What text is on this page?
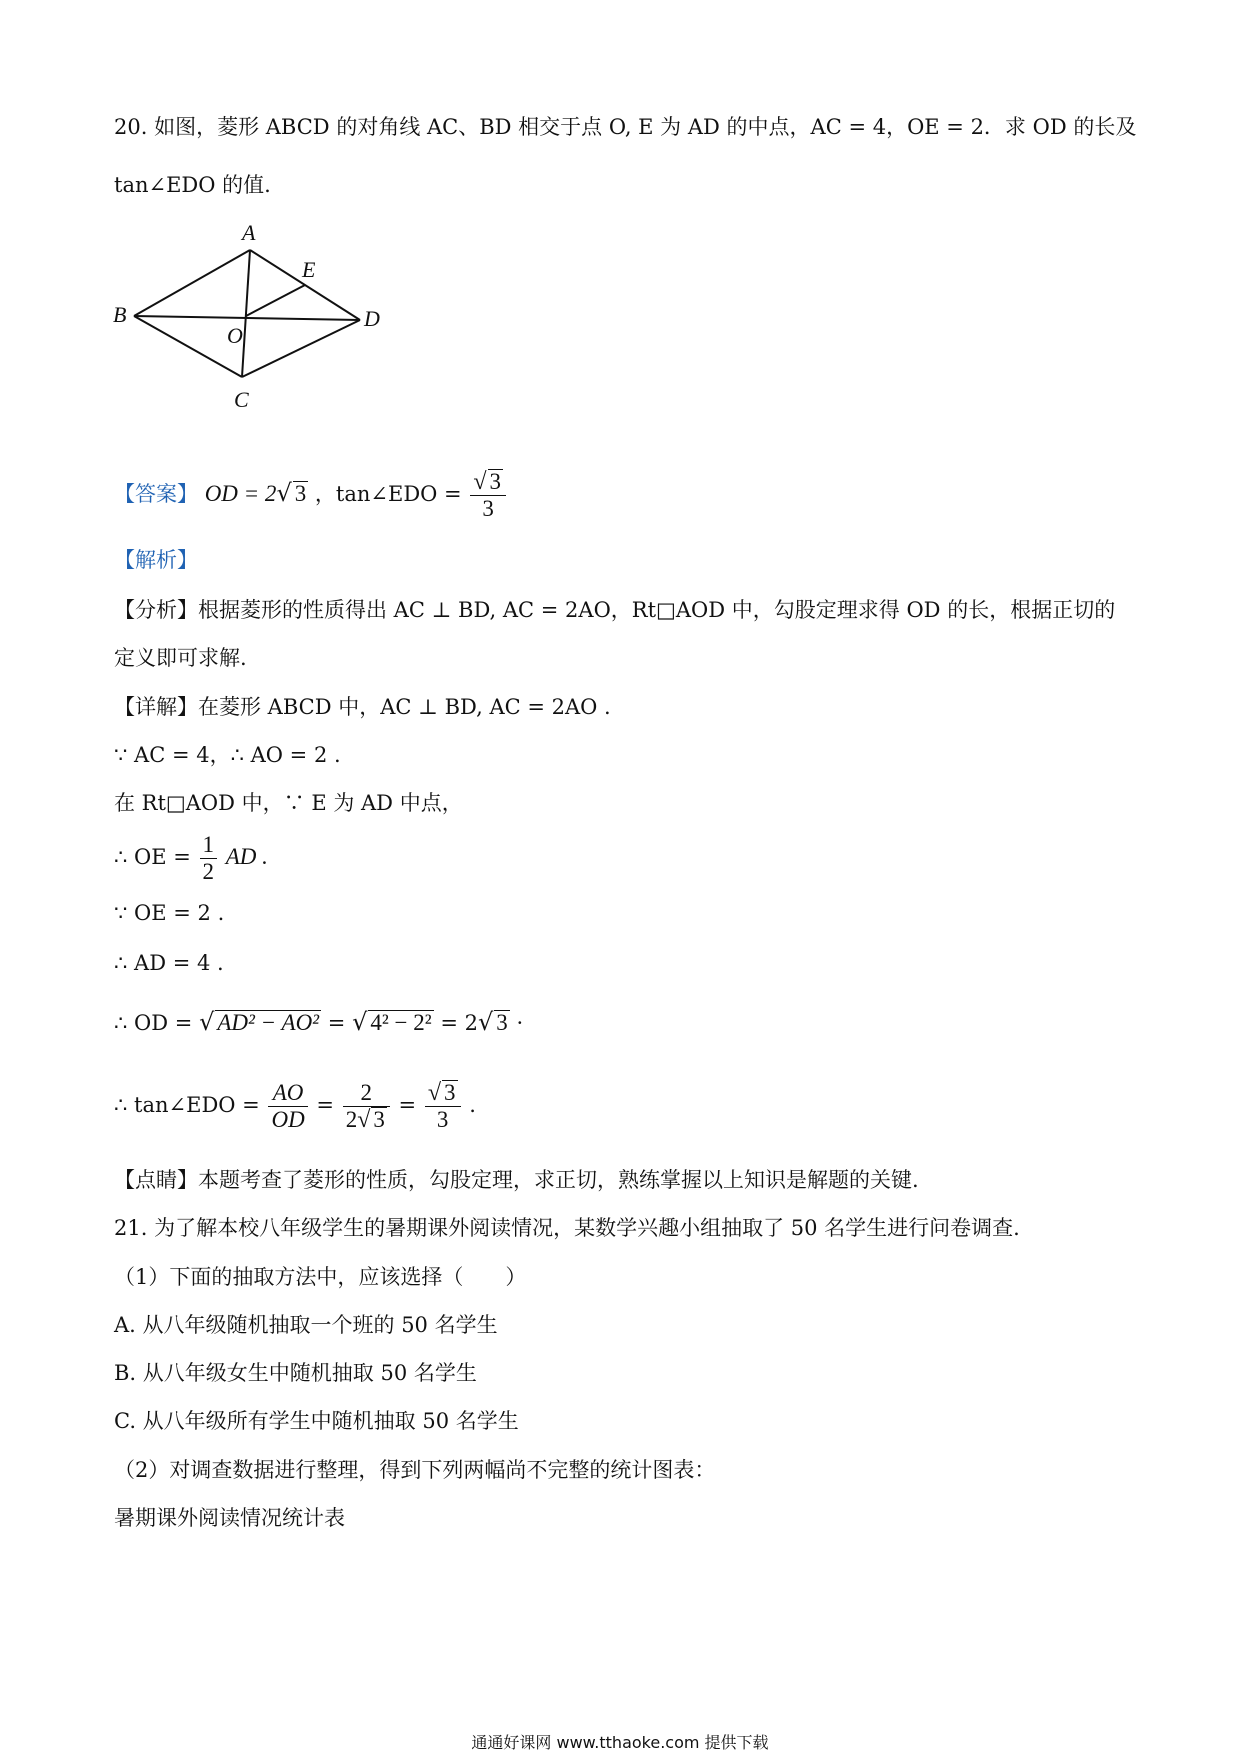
20. 如图，菱形 ABCD 的对角线 AC、BD 相交于点 O, E 为 AD 的中点，AC = 4，OE = 2．求 OD 的长及
tan∠EDO 的值.
A
E
B	D
O
C
【答案】 OD = 2√ 3 ，tan∠EDO = $\frac{√ 3}{3}$
【解析】
【分析】根据菱形的性质得出 AC ⊥ BD, AC = 2AO，Rt□AOD 中，勾股定理求得 OD 的长，根据正切的
定义即可求解.
【详解】在菱形 ABCD 中，AC ⊥ BD, AC = 2AO .
∵ AC = 4，∴ AO = 2 .
在 Rt□AOD 中，∵ E 为 AD 中点，
∴ OE = $\frac{1}{2}$ AD .
∵ OE = 2 .
∴ AD = 4 .
∴ OD = √ AD² − AO² = √ 4² − 2² = 2√ 3 ·
∴ tan∠EDO = $\frac{AO}{OD} = \frac{2}{2√ 3} = \frac{√ 3}{3}$ .
【点睛】本题考查了菱形的性质，勾股定理，求正切，熟练掌握以上知识是解题的关键.
21. 为了解本校八年级学生的暑期课外阅读情况，某数学兴趣小组抽取了 50 名学生进行问卷调查.
（1）下面的抽取方法中，应该选择（　　）
A. 从八年级随机抽取一个班的 50 名学生
B. 从八年级女生中随机抽取 50 名学生
C. 从八年级所有学生中随机抽取 50 名学生
（2）对调查数据进行整理，得到下列两幅尚不完整的统计图表：
暑期课外阅读情况统计表
通通好课网 www.tthaoke.com 提供下载
